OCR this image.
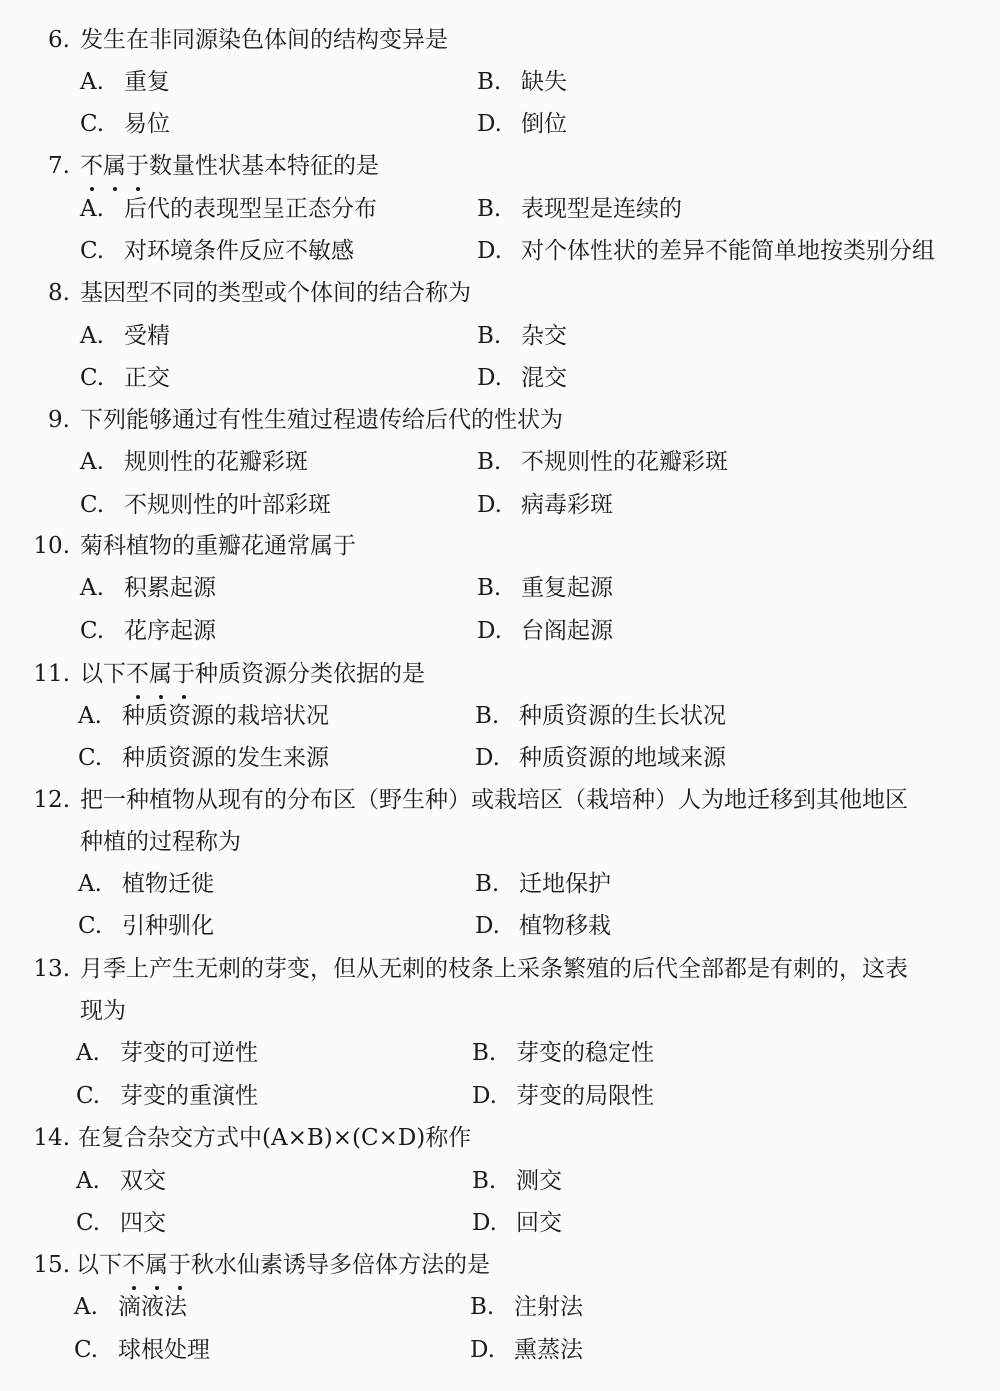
6. 发生在非同源染色体间的结构变异是
A. 重复	B. 缺失
C. 易位	D. 倒位
7. 不属于数量性状基本特征的是
A. 后代的表现型呈正态分布	B. 表现型是连续的
C. 对环境条件反应不敏感	D. 对个体性状的差异不能简单地按类别分组
8. 基因型不同的类型或个体间的结合称为
A. 受精	B. 杂交
C. 正交	D. 混交
9. 下列能够通过有性生殖过程遗传给后代的性状为
A. 规则性的花瓣彩斑	B. 不规则性的花瓣彩斑
C. 不规则性的叶部彩斑	D. 病毒彩斑
10. 菊科植物的重瓣花通常属于
A. 积累起源	B. 重复起源
C. 花序起源	D. 台阁起源
11. 以下不属于种质资源分类依据的是
A. 种质资源的栽培状况	B. 种质资源的生长状况
C. 种质资源的发生来源	D. 种质资源的地域来源
12. 把一种植物从现有的分布区（野生种）或栽培区（栽培种）人为地迁移到其他地区
种植的过程称为
A. 植物迁徙	B. 迁地保护
C. 引种驯化	D. 植物移栽
13. 月季上产生无刺的芽变，但从无刺的枝条上采条繁殖的后代全部都是有刺的，这表
现为
A. 芽变的可逆性	B. 芽变的稳定性
C. 芽变的重演性	D. 芽变的局限性
14. 在复合杂交方式中(A×B)×(C×D)称作
A. 双交	B. 测交
C. 四交	D. 回交
15. 以下不属于秋水仙素诱导多倍体方法的是
A. 滴液法	B. 注射法
C. 球根处理	D. 熏蒸法
